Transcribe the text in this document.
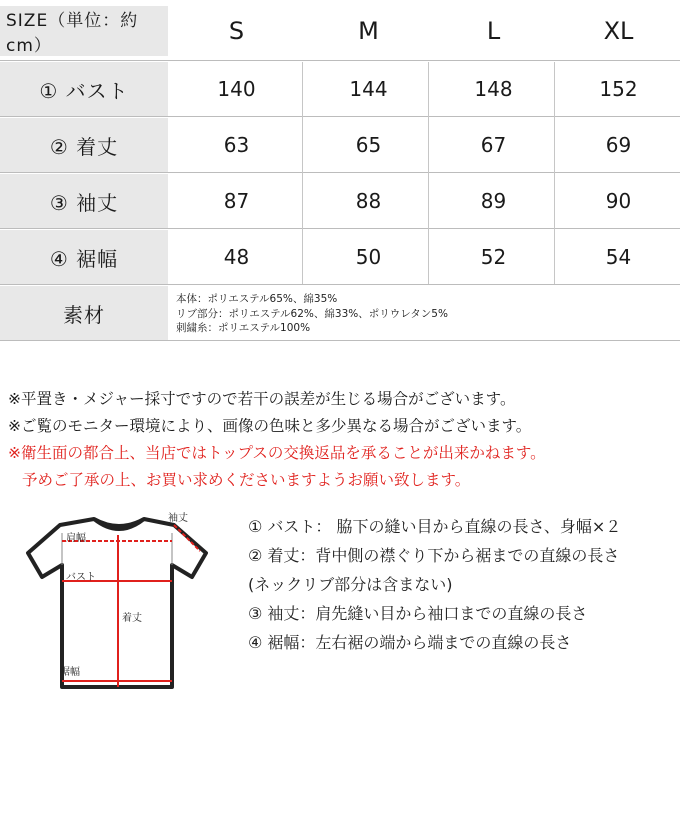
SIZE（単位：約cm）
S	M	L	XL
① バスト	140	144	148	152
② 着丈	63	65	67	69
③ 袖丈	87	88	89	90
④ 裾幅	48	50	52	54
素材
本体：ポリエステル65%、綿35%
リブ部分：ポリエステル62%、綿33%、ポリウレタン5%
刺繍糸：ポリエステル100%
※平置き・メジャー採寸ですので若干の誤差が生じる場合がございます。
※ご覧のモニター環境により、画像の色味と多少異なる場合がございます。
※衛生面の都合上、当店ではトップスの交換返品を承ることが出来かねます。
予めご了承の上、お買い求めくださいますようお願い致します。
肩幅
袖丈
バスト
着丈
裾幅
① バスト： 脇下の縫い目から直線の長さ、身幅×２
② 着丈：背中側の襟ぐり下から裾までの直線の長さ
(ネックリブ部分は含まない)
③ 袖丈：肩先縫い目から袖口までの直線の長さ
④ 裾幅：左右裾の端から端までの直線の長さ
